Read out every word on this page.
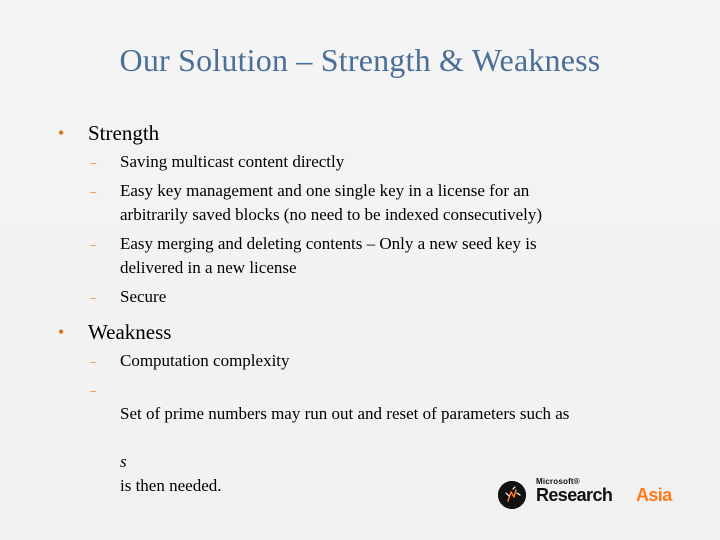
Our Solution – Strength & Weakness
•	Strength
–	Saving multicast content directly
–	Easy key management and one single key in a license for an
arbitrarily saved blocks (no need to be indexed consecutively)
–	Easy merging and deleting contents – Only a new seed key is
delivered in a new license
–	Secure
•	Weakness
–	Computation complexity
–

Set of prime numbers may run out and reset of parameters such as

s
is then needed.	Microsoft®
Research Asia
